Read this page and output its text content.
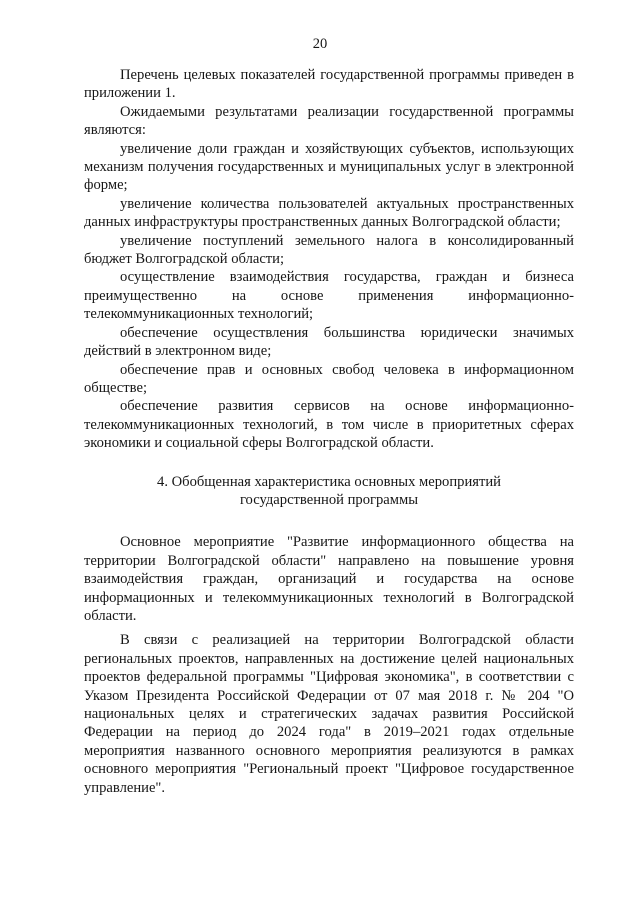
20

Перечень целевых показателей государственной программы приведен в приложении 1.

Ожидаемыми результатами реализации государственной программы являются:

увеличение доли граждан и хозяйствующих субъектов, использующих механизм получения государственных и муниципальных услуг в электронной форме;

увеличение количества пользователей актуальных пространственных данных инфраструктуры пространственных данных Волгоградской области;

увеличение поступлений земельного налога в консолидированный бюджет Волгоградской области;

осуществление взаимодействия государства, граждан и бизнеса преимущественно на основе применения информационно-телекоммуникационных технологий;

обеспечение осуществления большинства юридически значимых действий в электронном виде;

обеспечение прав и основных свобод человека в информационном обществе;

обеспечение развития сервисов на основе информационно-телекоммуникационных технологий, в том числе в приоритетных сферах экономики и социальной сферы Волгоградской области.

4. Обобщенная характеристика основных мероприятий
государственной программы

Основное мероприятие "Развитие информационного общества на территории Волгоградской области" направлено на повышение уровня взаимодействия граждан, организаций и государства на основе информационных и телекоммуникационных технологий в Волгоградской области.

В связи с реализацией на территории Волгоградской области региональных проектов, направленных на достижение целей национальных проектов федеральной программы "Цифровая экономика", в соответствии с Указом Президента Российской Федерации от 07 мая 2018 г. № 204 "О национальных целях и стратегических задачах развития Российской Федерации на период до 2024 года" в 2019–2021 годах отдельные мероприятия названного основного мероприятия реализуются в рамках основного мероприятия "Региональный проект "Цифровое государственное управление".
